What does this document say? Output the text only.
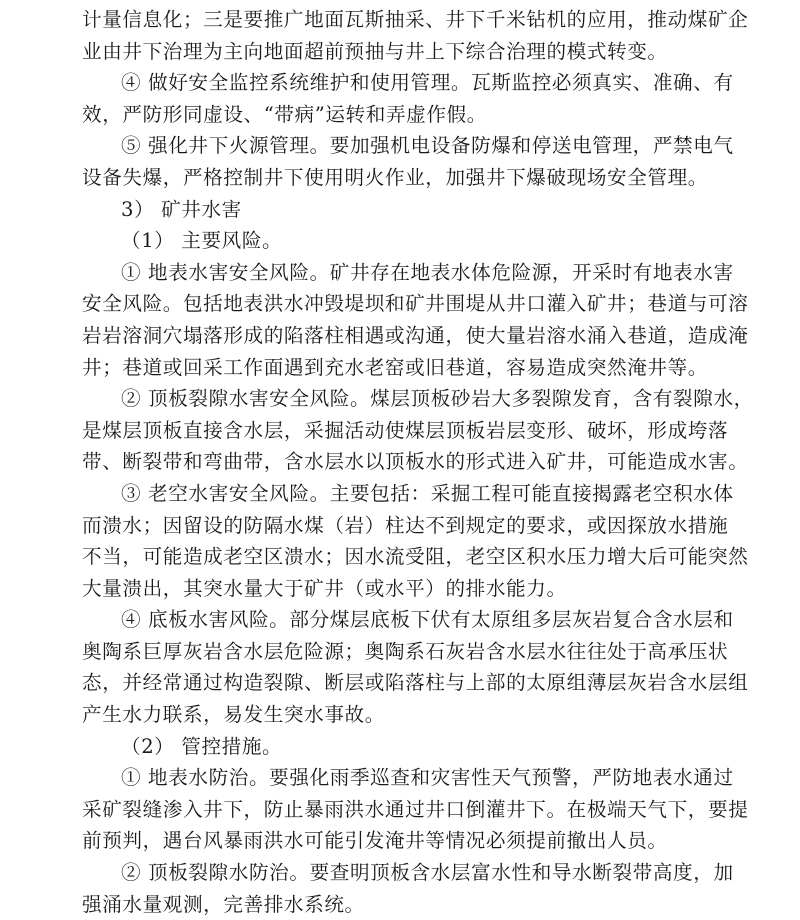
计量信息化；三是要推广地面瓦斯抽采、井下千米钻机的应用，推动煤矿企
业由井下治理为主向地面超前预抽与井上下综合治理的模式转变。
④ 做好安全监控系统维护和使用管理。瓦斯监控必须真实、准确、有
效，严防形同虚设、“带病”运转和弄虚作假。
⑤ 强化井下火源管理。要加强机电设备防爆和停送电管理，严禁电气
设备失爆，严格控制井下使用明火作业，加强井下爆破现场安全管理。
3） 矿井水害
（1） 主要风险。
① 地表水害安全风险。矿井存在地表水体危险源，开采时有地表水害
安全风险。包括地表洪水冲毁堤坝和矿井围堤从井口灌入矿井；巷道与可溶
岩岩溶洞穴塌落形成的陷落柱相遇或沟通，使大量岩溶水涌入巷道，造成淹
井；巷道或回采工作面遇到充水老窑或旧巷道，容易造成突然淹井等。
② 顶板裂隙水害安全风险。煤层顶板砂岩大多裂隙发育，含有裂隙水，
是煤层顶板直接含水层，采掘活动使煤层顶板岩层变形、破坏，形成垮落
带、断裂带和弯曲带，含水层水以顶板水的形式进入矿井，可能造成水害。
③ 老空水害安全风险。主要包括：采掘工程可能直接揭露老空积水体
而溃水；因留设的防隔水煤（岩）柱达不到规定的要求，或因探放水措施
不当，可能造成老空区溃水；因水流受阻，老空区积水压力增大后可能突然
大量溃出，其突水量大于矿井（或水平）的排水能力。
④ 底板水害风险。部分煤层底板下伏有太原组多层灰岩复合含水层和
奥陶系巨厚灰岩含水层危险源；奥陶系石灰岩含水层水往往处于高承压状
态，并经常通过构造裂隙、断层或陷落柱与上部的太原组薄层灰岩含水层组
产生水力联系，易发生突水事故。
（2） 管控措施。
① 地表水防治。要强化雨季巡查和灾害性天气预警，严防地表水通过
采矿裂缝渗入井下，防止暴雨洪水通过井口倒灌井下。在极端天气下，要提
前预判，遇台风暴雨洪水可能引发淹井等情况必须提前撤出人员。
② 顶板裂隙水防治。要查明顶板含水层富水性和导水断裂带高度，加
强涌水量观测，完善排水系统。
